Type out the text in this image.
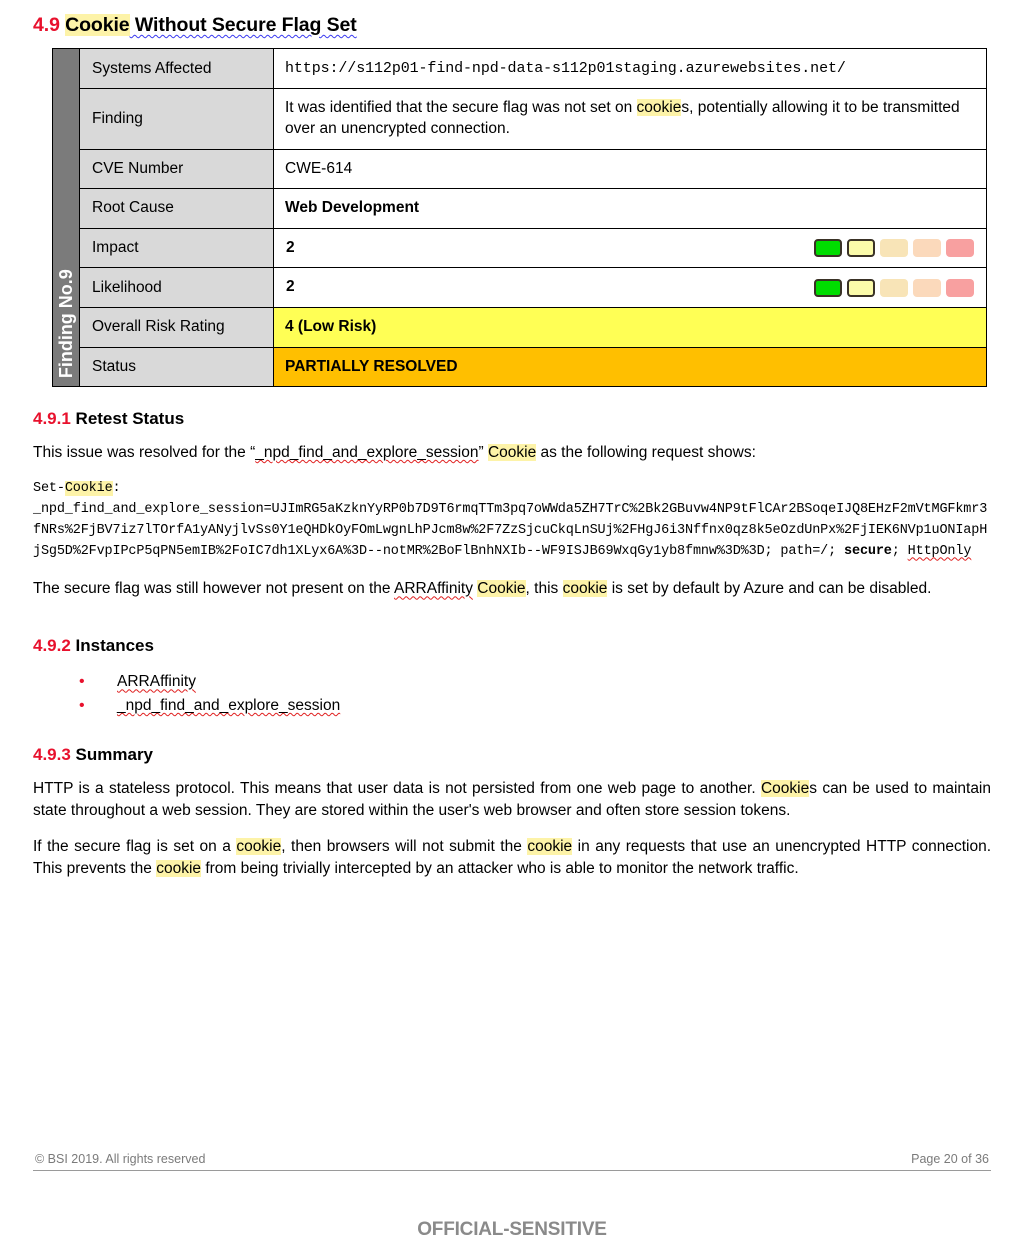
4.9 Cookie Without Secure Flag Set
Finding No.9	Systems Affected	https://s112p01-find-npd-data-s112p01staging.azurewebsites.net/
	Finding	It was identified that the secure flag was not set on cookies, potentially allowing it to be transmitted over an unencrypted connection.
	CVE Number	CWE-614
	Root Cause	Web Development
	Impact	2

	Likelihood	2

	Overall Risk Rating	4 (Low Risk)
	Status	PARTIALLY RESOLVED
4.9.1 Retest Status

This issue was resolved for the “_npd_find_and_explore_session” Cookie as the following request shows:

Set-Cookie:
_npd_find_and_explore_session=UJImRG5aKzknYyRP0b7D9T6rmqTTm3pq7oWWda5ZH7TrC%2Bk2GBuvw4NP9tFlCAr2BSoqeIJQ8EHzF2mVtMGFkmr3fNRs%2FjBV7iz7lTOrfA1yANyjlvSs0Y1eQHDkOyFOmLwgnLhPJcm8w%2F7ZzSjcuCkqLnSUj%2FHgJ6i3Nffnx0qz8k5eOzdUnPx%2FjIEK6NVp1uONIapHjSg5D%2FvpIPcP5qPN5emIB%2FoIC7dh1XLyx6A%3D--notMR%2BoFlBnhNXIb--WF9ISJB69WxqGy1yb8fmnw%3D%3D; path=/; secure; HttpOnly

The secure flag was still however not present on the ARRAffinity Cookie, this cookie is set by default by Azure and can be disabled.

4.9.2 Instances
• ARRAffinity
• _npd_find_and_explore_session
4.9.3 Summary

HTTP is a stateless protocol. This means that user data is not persisted from one web page to another. Cookies can be used to maintain state throughout a web session. They are stored within the user's web browser and often store session tokens.

If the secure flag is set on a cookie, then browsers will not submit the cookie in any requests that use an unencrypted HTTP connection. This prevents the cookie from being trivially intercepted by an attacker who is able to monitor the network traffic.

© BSI 2019. All rights reserved	Page 20 of 36
OFFICIAL-SENSITIVE
